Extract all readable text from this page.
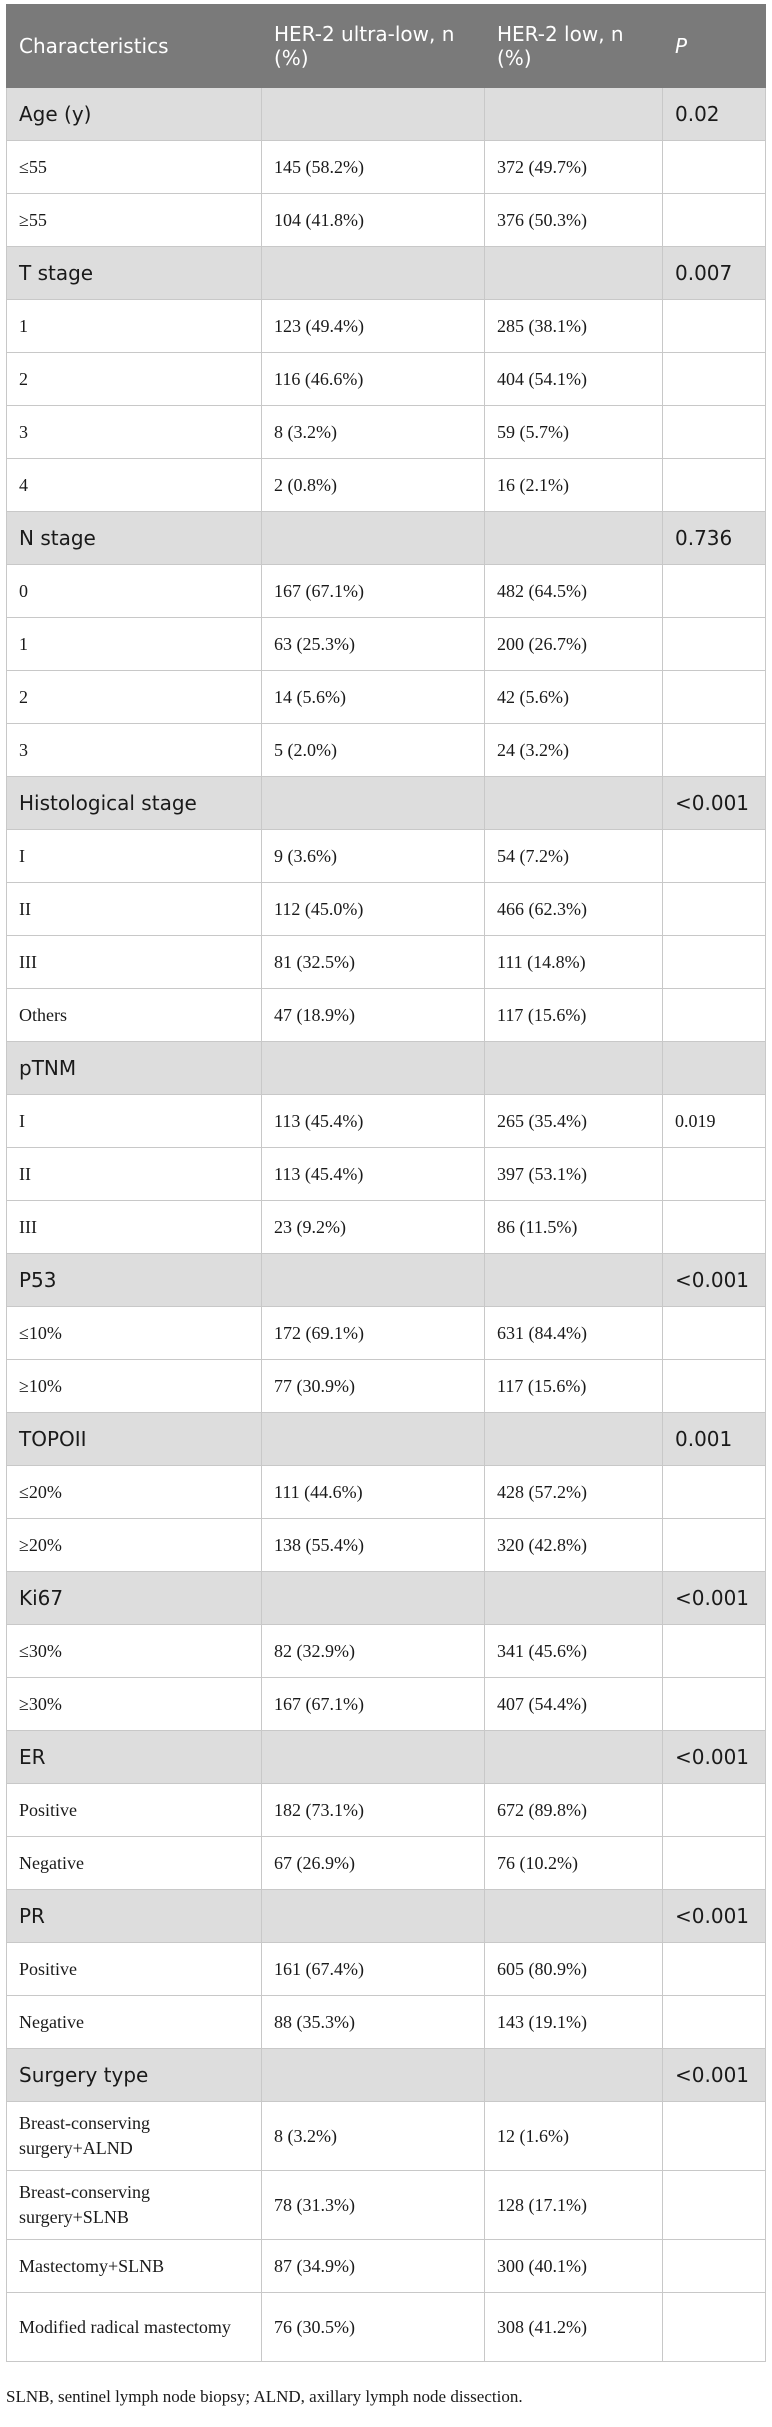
Characteristics	HER-2 ultra-low, n (%)	HER-2 low, n (%)	P
Age (y)			0.02
≤55	145 (58.2%)	372 (49.7%)	
≥55	104 (41.8%)	376 (50.3%)	
T stage			0.007
1	123 (49.4%)	285 (38.1%)	
2	116 (46.6%)	404 (54.1%)	
3	8 (3.2%)	59 (5.7%)	
4	2 (0.8%)	16 (2.1%)	
N stage			0.736
0	167 (67.1%)	482 (64.5%)	
1	63 (25.3%)	200 (26.7%)	
2	14 (5.6%)	42 (5.6%)	
3	5 (2.0%)	24 (3.2%)	
Histological stage			<0.001
I	9 (3.6%)	54 (7.2%)	
II	112 (45.0%)	466 (62.3%)	
III	81 (32.5%)	111 (14.8%)	
Others	47 (18.9%)	117 (15.6%)	
pTNM			
I	113 (45.4%)	265 (35.4%)	0.019
II	113 (45.4%)	397 (53.1%)	
III	23 (9.2%)	86 (11.5%)	
P53			<0.001
≤10%	172 (69.1%)	631 (84.4%)	
≥10%	77 (30.9%)	117 (15.6%)	
TOPOII			0.001
≤20%	111 (44.6%)	428 (57.2%)	
≥20%	138 (55.4%)	320 (42.8%)	
Ki67			<0.001
≤30%	82 (32.9%)	341 (45.6%)	
≥30%	167 (67.1%)	407 (54.4%)	
ER			<0.001
Positive	182 (73.1%)	672 (89.8%)	
Negative	67 (26.9%)	76 (10.2%)	
PR			<0.001
Positive	161 (67.4%)	605 (80.9%)	
Negative	88 (35.3%)	143 (19.1%)	
Surgery type			<0.001
Breast-conserving surgery+ALND	8 (3.2%)	12 (1.6%)	
Breast-conserving surgery+SLNB	78 (31.3%)	128 (17.1%)	
Mastectomy+SLNB	87 (34.9%)	300 (40.1%)	
Modified radical mastectomy	76 (30.5%)	308 (41.2%)	
SLNB, sentinel lymph node biopsy; ALND, axillary lymph node dissection.
